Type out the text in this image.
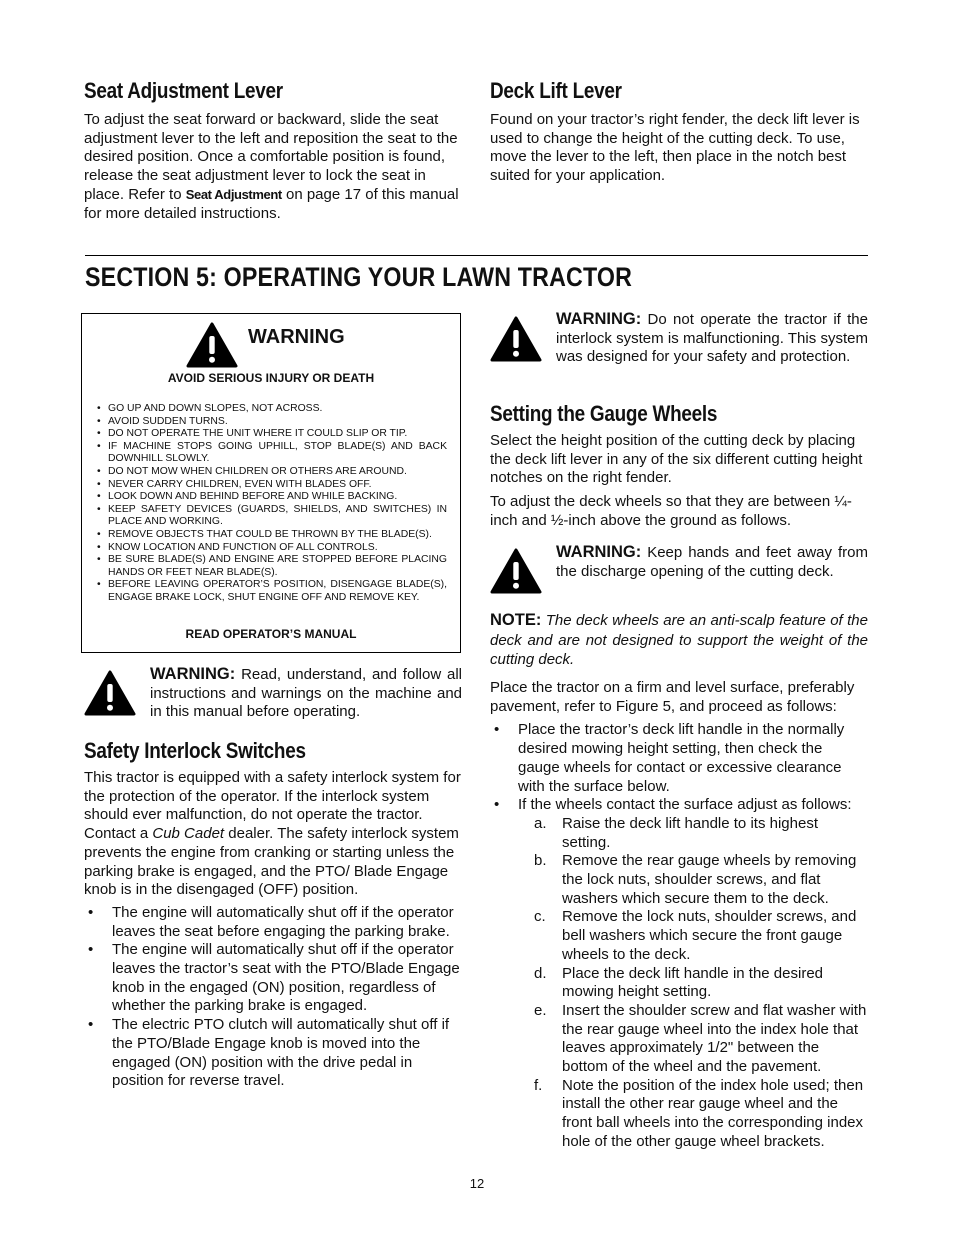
Seat Adjustment Lever

To adjust the seat forward or backward, slide the seat adjustment lever to the left and reposition the seat to the desired position. Once a comfortable position is found, release the seat adjustment lever to lock the seat in place. Refer to Seat Adjustment on page 17 of this manual for more detailed instructions.

Deck Lift Lever

Found on your tractor’s right fender, the deck lift lever is used to change the height of the cutting deck. To use, move the lever to the left, then place in the notch best suited for your application.

SECTION 5: OPERATING YOUR LAWN TRACTOR
WARNING
AVOID SERIOUS INJURY OR DEATH
• GO UP AND DOWN SLOPES, NOT ACROSS.
• AVOID SUDDEN TURNS.
• DO NOT OPERATE THE UNIT WHERE IT COULD SLIP OR TIP.
• IF MACHINE STOPS GOING UPHILL, STOP BLADE(S) AND BACK DOWNHILL SLOWLY.
• DO NOT MOW WHEN CHILDREN OR OTHERS ARE AROUND.
• NEVER CARRY CHILDREN, EVEN WITH BLADES OFF.
• LOOK DOWN AND BEHIND BEFORE AND WHILE BACKING.
• KEEP SAFETY DEVICES (GUARDS, SHIELDS, AND SWITCHES) IN PLACE AND WORKING.
• REMOVE OBJECTS THAT COULD BE THROWN BY THE BLADE(S).
• KNOW LOCATION AND FUNCTION OF ALL CONTROLS.
• BE SURE BLADE(S) AND ENGINE ARE STOPPED BEFORE PLACING HANDS OR FEET NEAR BLADE(S).
• BEFORE LEAVING OPERATOR’S POSITION, DISENGAGE BLADE(S), ENGAGE BRAKE LOCK, SHUT ENGINE OFF AND REMOVE KEY.
READ OPERATOR’S MANUAL

WARNING: Read, understand, and follow all instructions and warnings on the machine and in this manual before operating.

Safety Interlock Switches

This tractor is equipped with a safety interlock system for the protection of the operator. If the interlock system should ever malfunction, do not operate the tractor. Contact a Cub Cadet dealer. The safety interlock system prevents the engine from cranking or starting unless the parking brake is engaged, and the PTO/ Blade Engage knob is in the disengaged (OFF) position.

• The engine will automatically shut off if the operator leaves the seat before engaging the parking brake.
• The engine will automatically shut off if the operator leaves the tractor’s seat with the PTO/Blade Engage knob in the engaged (ON) position, regardless of whether the parking brake is engaged.
• The electric PTO clutch will automatically shut off if the PTO/Blade Engage knob is moved into the engaged (ON) position with the drive pedal in position for reverse travel.

WARNING: Do not operate the tractor if the interlock system is malfunctioning. This system was designed for your safety and protection.

Setting the Gauge Wheels

Select the height position of the cutting deck by placing the deck lift lever in any of the six different cutting height notches on the right fender.

To adjust the deck wheels so that they are between ¼-inch and ½-inch above the ground as follows.

WARNING: Keep hands and feet away from the discharge opening of the cutting deck.

NOTE: The deck wheels are an anti-scalp feature of the deck and are not designed to support the weight of the cutting deck.

Place the tractor on a firm and level surface, preferably pavement, refer to Figure 5, and proceed as follows:

• Place the tractor’s deck lift handle in the normally desired mowing height setting, then check the gauge wheels for contact or excessive clearance with the surface below.
• If the wheels contact the surface adjust as follows:
a. Raise the deck lift handle to its highest setting.
b. Remove the rear gauge wheels by removing the lock nuts, shoulder screws, and flat washers which secure them to the deck.
c. Remove the lock nuts, shoulder screws, and bell washers which secure the front gauge wheels to the deck.
d. Place the deck lift handle in the desired mowing height setting.
e. Insert the shoulder screw and flat washer with the rear gauge wheel into the index hole that leaves approximately 1/2" between the bottom of the wheel and the pavement.
f. Note the position of the index hole used; then install the other rear gauge wheel and the front ball wheels into the corresponding index hole of the other gauge wheel brackets.
12
